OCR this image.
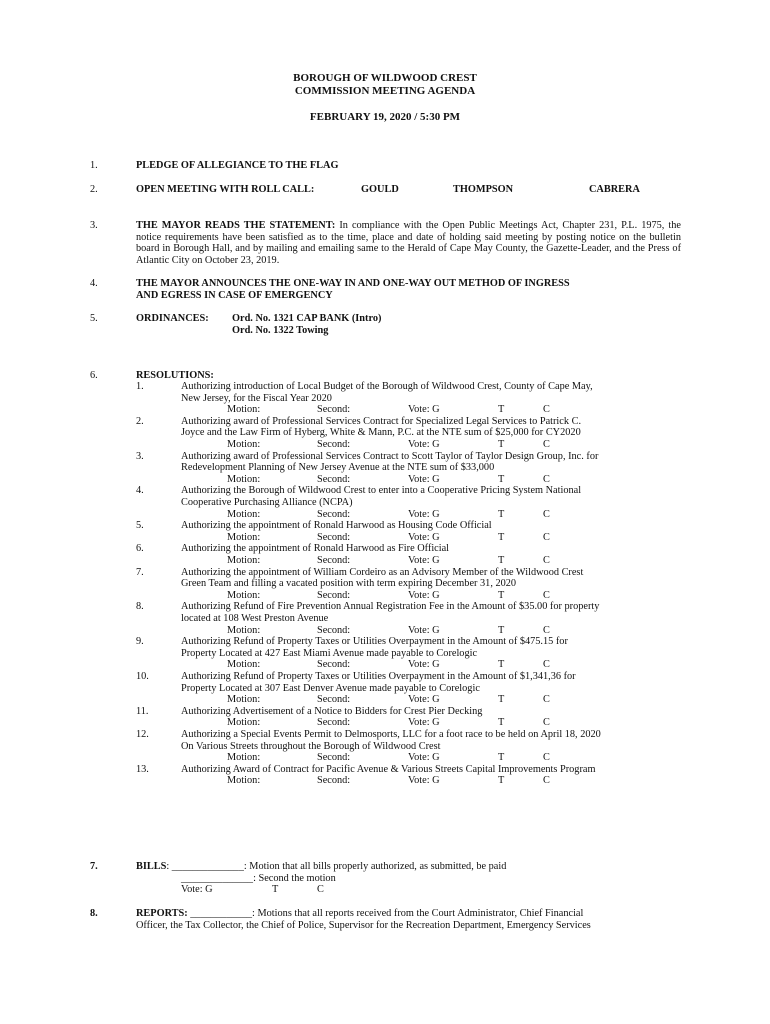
BOROUGH OF WILDWOOD CREST
COMMISSION MEETING AGENDA
FEBRUARY 19, 2020 / 5:30 PM
1.	PLEDGE OF ALLEGIANCE TO THE FLAG
2.	OPEN MEETING WITH ROLL CALL:	GOULD	THOMPSON	CABRERA
3.	THE MAYOR READS THE STATEMENT: In compliance with the Open Public Meetings Act, Chapter 231, P.L. 1975, the notice requirements have been satisfied as to the time, place and date of holding said meeting by posting notice on the bulletin board in Borough Hall, and by mailing and emailing same to the Herald of Cape May County, the Gazette-Leader, and the Press of Atlantic City on October 23, 2019.
4.	THE MAYOR ANNOUNCES THE ONE-WAY IN AND ONE-WAY OUT METHOD OF INGRESS
AND EGRESS IN CASE OF EMERGENCY
5.	ORDINANCES: Ord. No. 1321 CAP BANK (Intro)
Ord. No. 1322 Towing
6.	RESOLUTIONS:
1.	Authorizing introduction of Local Budget of the Borough of Wildwood Crest, County of Cape May,
New Jersey, for the Fiscal Year 2020
Motion:	Second:	Vote: G	T	C
2.	Authorizing award of Professional Services Contract for Specialized Legal Services to Patrick C.
Joyce and the Law Firm of Hyberg, White & Mann, P.C. at the NTE sum of $25,000 for CY2020
Motion:	Second:	Vote: G	T	C
3.	Authorizing award of Professional Services Contract to Scott Taylor of Taylor Design Group, Inc. for
Redevelopment Planning of New Jersey Avenue at the NTE sum of $33,000
Motion:	Second:	Vote: G	T	C
4.	Authorizing the Borough of Wildwood Crest to enter into a Cooperative Pricing System National
Cooperative Purchasing Alliance (NCPA)
Motion:	Second:	Vote: G	T	C
5.	Authorizing the appointment of Ronald Harwood as Housing Code Official
Motion:	Second:	Vote: G	T	C
6.	Authorizing the appointment of Ronald Harwood as Fire Official
Motion:	Second:	Vote: G	T	C
7.	Authorizing the appointment of William Cordeiro as an Advisory Member of the Wildwood Crest
Green Team and filling a vacated position with term expiring December 31, 2020
Motion:	Second:	Vote: G	T	C
8.	Authorizing Refund of Fire Prevention Annual Registration Fee in the Amount of $35.00 for property
located at 108 West Preston Avenue
Motion:	Second:	Vote: G	T	C
9.	Authorizing Refund of Property Taxes or Utilities Overpayment in the Amount of $475.15 for
Property Located at 427 East Miami Avenue made payable to Corelogic
Motion:	Second:	Vote: G	T	C
10.	Authorizing Refund of Property Taxes or Utilities Overpayment in the Amount of $1,341,36 for
Property Located at 307 East Denver Avenue made payable to Corelogic
Motion:	Second:	Vote: G	T	C
11.	Authorizing Advertisement of a Notice to Bidders for Crest Pier Decking
Motion:	Second:	Vote: G	T	C
12.	Authorizing a Special Events Permit to Delmosports, LLC for a foot race to be held on April 18, 2020
On Various Streets throughout the Borough of Wildwood Crest
Motion:	Second:	Vote: G	T	C
13.	Authorizing Award of Contract for Pacific Avenue & Various Streets Capital Improvements Program
Motion:	Second:	Vote: G	T	C
7.	BILLS: ______________: Motion that all bills properly authorized, as submitted, be paid
______________: Second the motion
Vote: G	T	C
8.	REPORTS: ____________: Motions that all reports received from the Court Administrator, Chief Financial
Officer, the Tax Collector, the Chief of Police, Supervisor for the Recreation Department, Emergency Services
